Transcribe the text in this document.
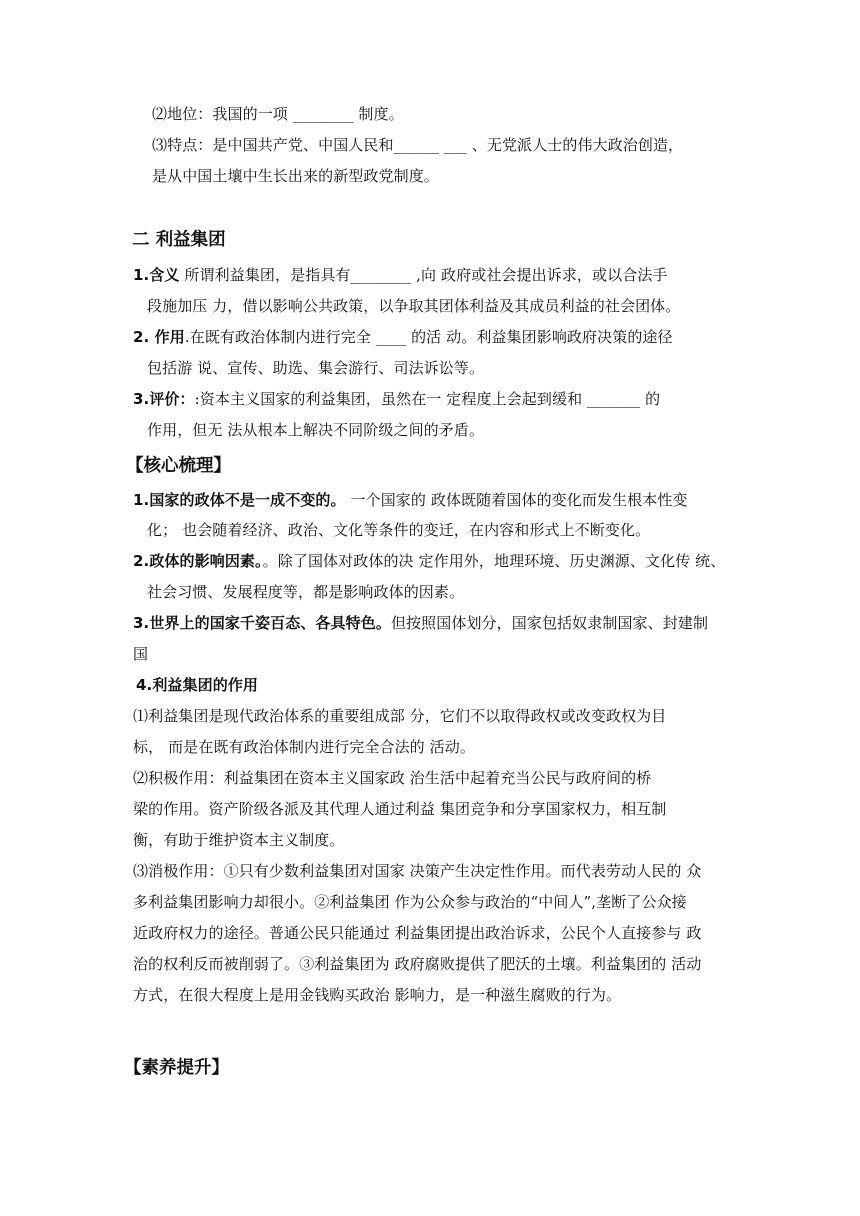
⑵地位：我国的一项 ________ 制度。
⑶特点：是中国共产党、中国人民和______ ___ 、无党派人士的伟大政治创造，
是从中国土壤中生长出来的新型政党制度。
二 利益集团
1.含义 所谓利益集团，是指具有________ ,向 政府或社会提出诉求，或以合法手
段施加压 力，借以影响公共政策，以争取其团体利益及其成员利益的社会团体。
2. 作用.在既有政治体制内进行完全 ____ 的活 动。利益集团影响政府决策的途径
包括游 说、宣传、助选、集会游行、司法诉讼等。
3.评价：:资本主义国家的利益集团，虽然在一 定程度上会起到缓和 _______ 的
作用，但无 法从根本上解决不同阶级之间的矛盾。
【核心梳理】
1.国家的政体不是一成不变的。 一个国家的 政体既随着国体的变化而发生根本性变
化； 也会随着经济、政治、文化等条件的变迁，在内容和形式上不断变化。
2.政体的影响因素。。除了国体对政体的决 定作用外，地理环境、历史渊源、文化传 统、
社会习惯、发展程度等，都是影响政体的因素。
3.世界上的国家千姿百态、各具特色。但按照国体划分，国家包括奴隶制国家、封建制
国
4.利益集团的作用
⑴利益集团是现代政治体系的重要组成部 分，它们不以取得政权或改变政权为目
标， 而是在既有政治体制内进行完全合法的 活动。
⑵积极作用：利益集团在资本主义国家政 治生活中起着充当公民与政府间的桥
梁的作用。资产阶级各派及其代理人通过利益 集团竞争和分享国家权力，相互制
衡，有助于维护资本主义制度。
⑶消极作用：①只有少数利益集团对国家 决策产生决定性作用。而代表劳动人民的 众
多利益集团影响力却很小。②利益集团 作为公众参与政治的“中间人”,垄断了公众接
近政府权力的途径。普通公民只能通过 利益集团提出政治诉求，公民个人直接参与 政
治的权利反而被削弱了。③利益集团为 政府腐败提供了肥沃的土壤。利益集团的 活动
方式，在很大程度上是用金钱购买政治 影响力，是一种滋生腐败的行为。
【素养提升】
